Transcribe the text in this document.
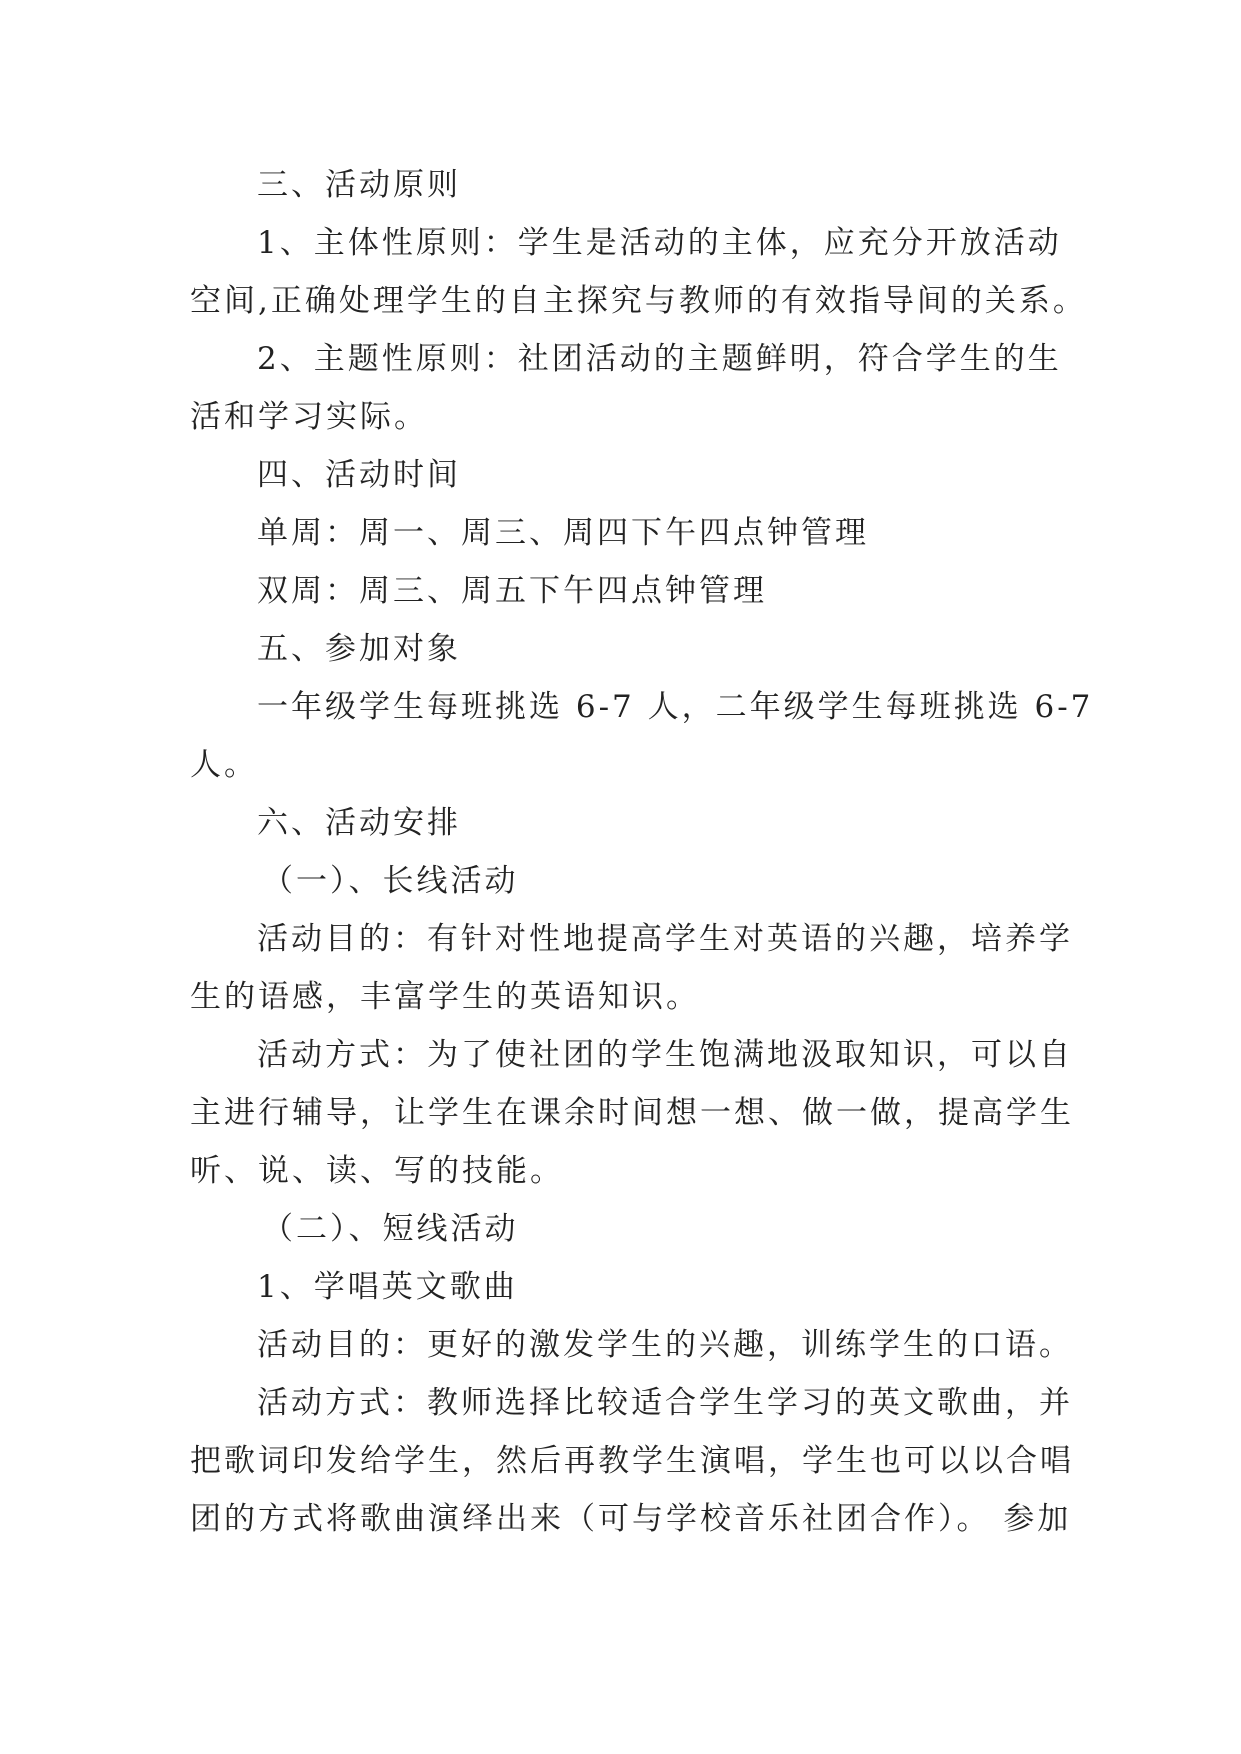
三、活动原则
1、主体性原则：学生是活动的主体，应充分开放活动
空间,正确处理学生的自主探究与教师的有效指导间的关系。
2、主题性原则：社团活动的主题鲜明，符合学生的生
活和学习实际。
四、活动时间
单周：周一、周三、周四下午四点钟管理
双周：周三、周五下午四点钟管理
五、参加对象
一年级学生每班挑选 6-7 人，二年级学生每班挑选 6-7
人。
六、活动安排
（一）、长线活动
活动目的：有针对性地提高学生对英语的兴趣，培养学
生的语感，丰富学生的英语知识。
活动方式：为了使社团的学生饱满地汲取知识，可以自
主进行辅导，让学生在课余时间想一想、做一做，提高学生
听、说、读、写的技能。
（二）、短线活动
1、学唱英文歌曲
活动目的：更好的激发学生的兴趣，训练学生的口语。
活动方式：教师选择比较适合学生学习的英文歌曲，并
把歌词印发给学生，然后再教学生演唱，学生也可以以合唱
团的方式将歌曲演绎出来（可与学校音乐社团合作）。 参加
